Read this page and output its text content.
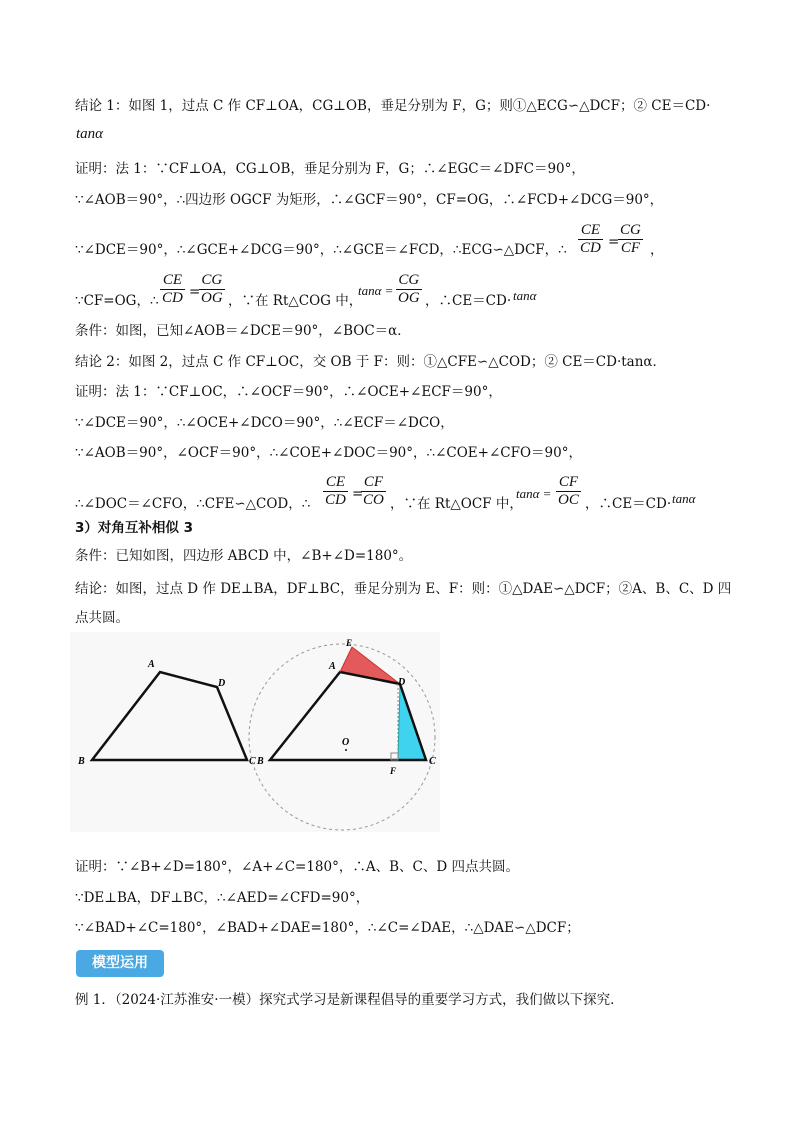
结论 1：如图 1，过点 C 作 CF⊥OA，CG⊥OB，垂足分别为 F，G；则①△ECG∽△DCF；② CE＝CD·
tanα
证明：法 1：∵CF⊥OA，CG⊥OB，垂足分别为 F，G；∴∠EGC＝∠DFC＝90°，
∵∠AOB＝90°，∴四边形 OGCF 为矩形，∴∠GCF＝90°，CF=OG，∴∠FCD+∠DCG＝90°，
∵∠DCE＝90°，∴∠GCE+∠DCG＝90°，∴∠GCE＝∠FCD，∴ECG∽△DCF，∴ $\frac{CE}{CD}$ =
$\frac{CG}{CF}$ ，
∵CF=OG，∴ $\frac{CE}{CD}$ =
$\frac{CG}{OG}$ ，∵在 Rt△COG 中，
$\tan\alpha = \frac{CG}{OG}$ ，∴CE＝CD· tanα
条件：如图，已知∠AOB＝∠DCE＝90°，∠BOC＝α．
结论 2：如图 2，过点 C 作 CF⊥OC，交 OB 于 F：则：①△CFE∽△COD；② CE＝CD·tanα．
证明：法 1：∵CF⊥OC，∴∠OCF＝90°，∴∠OCE+∠ECF＝90°，
∵∠DCE＝90°，∴∠OCE+∠DCO＝90°，∴∠ECF＝∠DCO，
∵∠AOB＝90°，∠OCF＝90°，∴∠COE+∠DOC＝90°，∴∠COE+∠CFO＝90°，
∴∠DOC＝∠CFO，∴CFE∽△COD，∴ $\frac{CE}{CD}$ =
$\frac{CF}{CO}$ ，∵在 Rt△OCF 中，
$\tan\alpha = \frac{CF}{OC}$ ，∴CE＝CD· tanα
3）对角互补相似 3
条件：已知如图，四边形 ABCD 中，∠B+∠D=180°。
结论：如图，过点 D 作 DE⊥BA，DF⊥BC，垂足分别为 E、F：则：①△DAE∽△DCF；②A、B、C、D 四
点共圆。
A
D
B	C
E
A
D
O
B
F
C
证明：∵∠B+∠D=180°，∠A+∠C=180°，∴A、B、C、D 四点共圆。
∵DE⊥BA，DF⊥BC，∴∠AED=∠CFD=90°，
∵∠BAD+∠C=180°，∠BAD+∠DAE=180°，∴∠C=∠DAE，∴△DAE∽△DCF；
模型运用
例 1．（2024·江苏淮安·一模）探究式学习是新课程倡导的重要学习方式，我们做以下探究．
